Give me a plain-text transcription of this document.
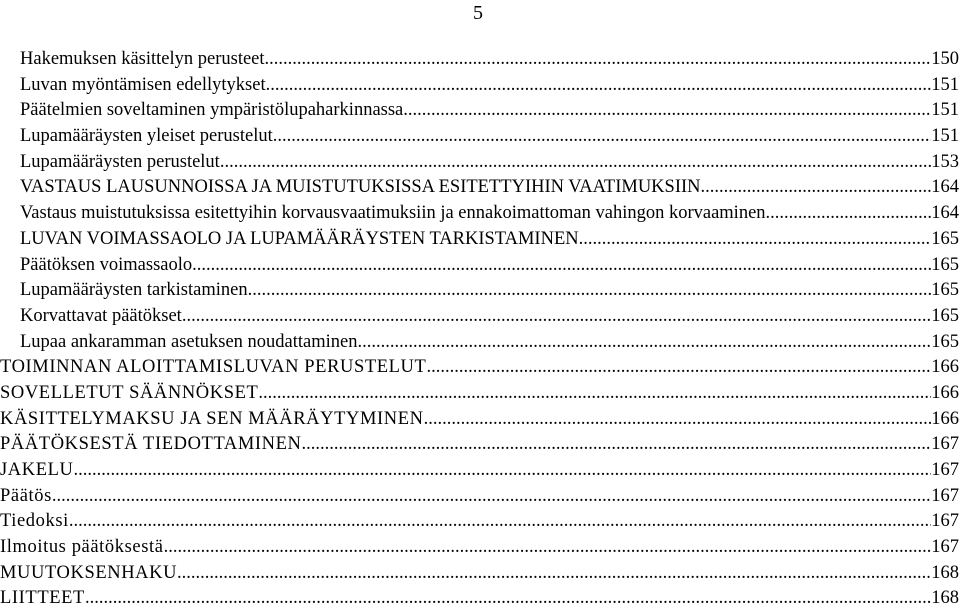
5
Hakemuksen käsittelyn perusteet .....	150
Luvan myöntämisen edellytykset .....	151
Päätelmien soveltaminen ympäristölupaharkinnassa .....	151
Lupamääräysten yleiset perustelut .....	151
Lupamääräysten perustelut .....	153
VASTAUS LAUSUNNOISSA JA MUISTUTUKSISSA ESITETTYIHIN VAATIMUKSIIN .....	164
Vastaus muistutuksissa esitettyihin korvausvaatimuksiin ja ennakoimattoman vahingon korvaaminen .....	164
LUVAN VOIMASSAOLO JA LUPAMÄÄRÄYSTEN TARKISTAMINEN .....	165
Päätöksen voimassaolo .....	165
Lupamääräysten tarkistaminen .....	165
Korvattavat päätökset .....	165
Lupaa ankaramman asetuksen noudattaminen .....	165
TOIMINNAN ALOITTAMISLUVAN PERUSTELUT .....	166
SOVELLETUT SÄÄNNÖKSET .....	166
KÄSITTELYMAKSU JA SEN MÄÄRÄYTYMINEN .....	166
PÄÄTÖKSESTÄ TIEDOTTAMINEN .....	167
JAKELU .....	167
Päätös .....	167
Tiedoksi .....	167
Ilmoitus päätöksestä .....	167
MUUTOKSENHAKU .....	168
LIITTEET .....	168
